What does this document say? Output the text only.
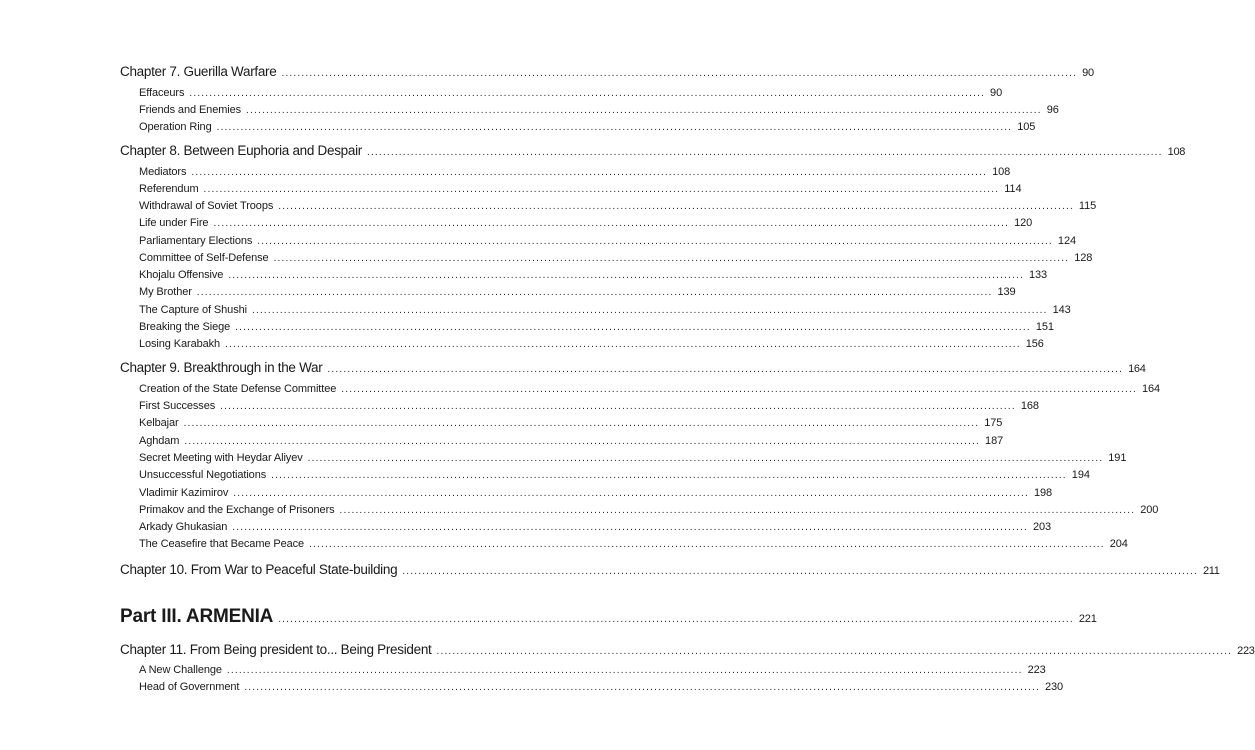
Chapter 7. Guerilla Warfare ........................................................................................................................................................................................................ 90
Effaceurs ........................................................................................................................................................................................................ 90
Friends and Enemies ........................................................................................................................................................................................................ 96
Operation Ring ........................................................................................................................................................................................................ 105
Chapter 8. Between Euphoria and Despair ........................................................................................................................................................................................................ 108
Mediators ........................................................................................................................................................................................................ 108
Referendum ........................................................................................................................................................................................................ 114
Withdrawal of Soviet Troops ........................................................................................................................................................................................................ 115
Life under Fire ........................................................................................................................................................................................................ 120
Parliamentary Elections ........................................................................................................................................................................................................ 124
Committee of Self-Defense ........................................................................................................................................................................................................ 128
Khojalu Offensive ........................................................................................................................................................................................................ 133
My Brother ........................................................................................................................................................................................................ 139
The Capture of Shushi ........................................................................................................................................................................................................ 143
Breaking the Siege ........................................................................................................................................................................................................ 151
Losing Karabakh ........................................................................................................................................................................................................ 156
Chapter 9. Breakthrough in the War ........................................................................................................................................................................................................ 164
Creation of the State Defense Committee ........................................................................................................................................................................................................ 164
First Successes ........................................................................................................................................................................................................ 168
Kelbajar ........................................................................................................................................................................................................ 175
Aghdam ........................................................................................................................................................................................................ 187
Secret Meeting with Heydar Aliyev ........................................................................................................................................................................................................ 191
Unsuccessful Negotiations ........................................................................................................................................................................................................ 194
Vladimir Kazimirov ........................................................................................................................................................................................................ 198
Primakov and the Exchange of Prisoners ........................................................................................................................................................................................................ 200
Arkady Ghukasian ........................................................................................................................................................................................................ 203
The Ceasefire that Became Peace ........................................................................................................................................................................................................ 204
Chapter 10. From War to Peaceful State-building ........................................................................................................................................................................................................ 211
Part III. ARMENIA ........................................................................................................................................................................................................ 221
Chapter 11. From Being president to... Being President ........................................................................................................................................................................................................ 223
A New Challenge ........................................................................................................................................................................................................ 223
Head of Government ........................................................................................................................................................................................................ 230
